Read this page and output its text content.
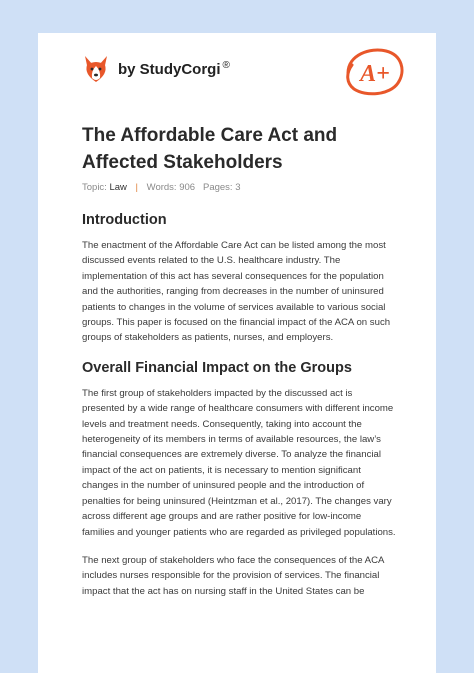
by StudyCorgi ®	A+
The Affordable Care Act and Affected Stakeholders
Topic: Law | Words: 906 Pages: 3
Introduction

The enactment of the Affordable Care Act can be listed among the most discussed events related to the U.S. healthcare industry. The implementation of this act has several consequences for the population and the authorities, ranging from decreases in the number of uninsured patients to changes in the volume of services available to various social groups. This paper is focused on the financial impact of the ACA on such groups of stakeholders as patients, nurses, and employers.

Overall Financial Impact on the Groups

The first group of stakeholders impacted by the discussed act is presented by a wide range of healthcare consumers with different income levels and treatment needs. Consequently, taking into account the heterogeneity of its members in terms of available resources, the law’s financial consequences are extremely diverse. To analyze the financial impact of the act on patients, it is necessary to mention significant changes in the number of uninsured people and the introduction of penalties for being uninsured (Heintzman et al., 2017). The changes vary across different age groups and are rather positive for low-income families and younger patients who are regarded as privileged populations.

The next group of stakeholders who face the consequences of the ACA includes nurses responsible for the provision of services. The financial impact that the act has on nursing staff in the United States can be
